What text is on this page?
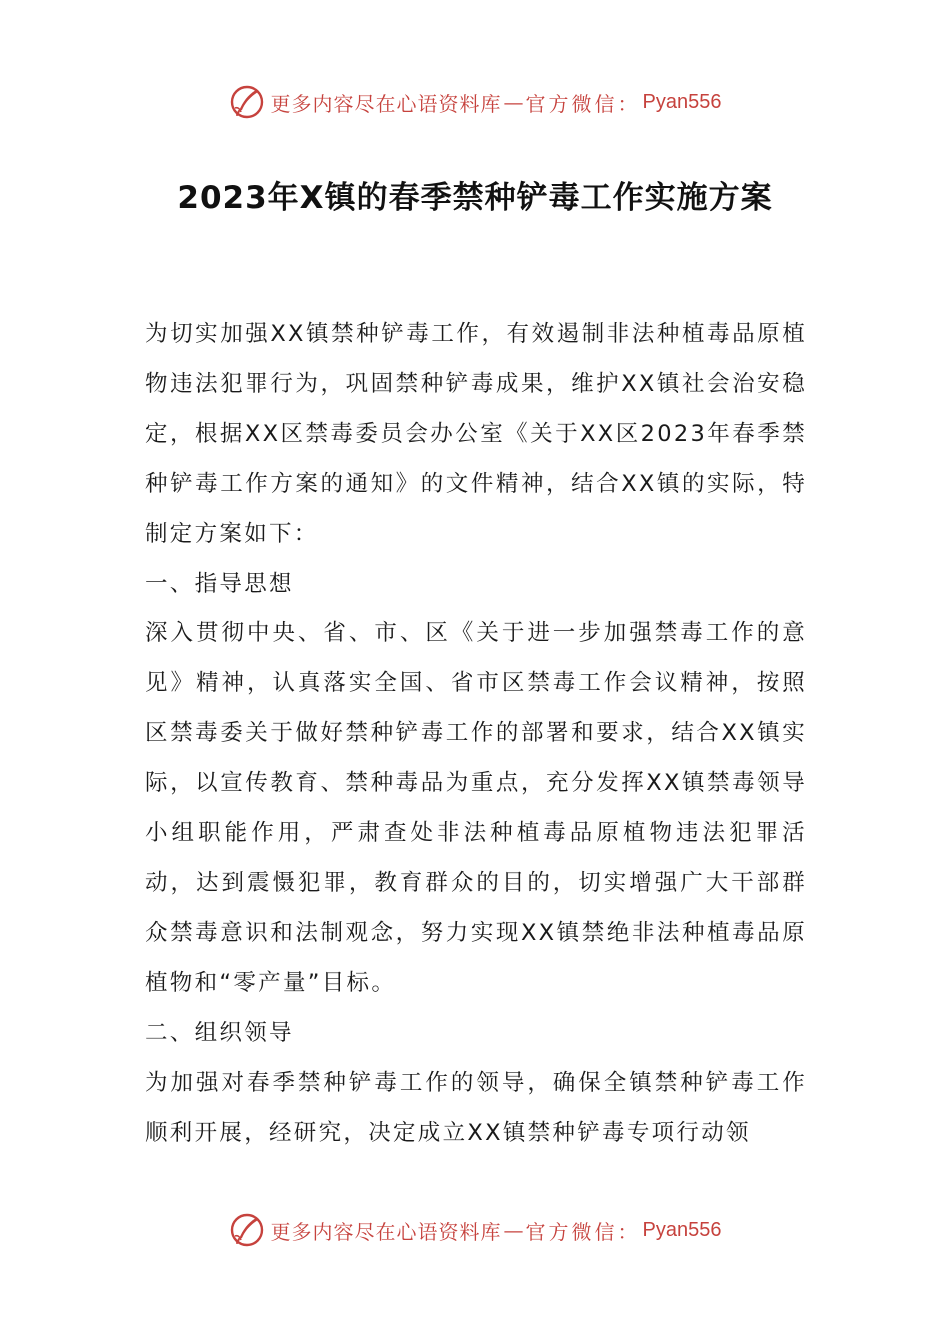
更多内容尽在心语资料库 — 官方微信： Pyan556
2023年X镇的春季禁种铲毒工作实施方案

为切实加强XX镇禁种铲毒工作，有效遏制非法种植毒品原植物违法犯罪行为，巩固禁种铲毒成果，维护XX镇社会治安稳定，根据XX区禁毒委员会办公室《关于XX区2023年春季禁种铲毒工作方案的通知》的文件精神，结合XX镇的实际，特制定方案如下：

一、指导思想

深入贯彻中央、省、市、区《关于进一步加强禁毒工作的意见》精神，认真落实全国、省市区禁毒工作会议精神，按照区禁毒委关于做好禁种铲毒工作的部署和要求，结合XX镇实际，以宣传教育、禁种毒品为重点，充分发挥XX镇禁毒领导小组职能作用，严肃查处非法种植毒品原植物违法犯罪活动，达到震慑犯罪，教育群众的目的，切实增强广大干部群众禁毒意识和法制观念，努力实现XX镇禁绝非法种植毒品原植物和“零产量”目标。

二、组织领导

为加强对春季禁种铲毒工作的领导，确保全镇禁种铲毒工作顺利开展，经研究，决定成立XX镇禁种铲毒专项行动领

更多内容尽在心语资料库 — 官方微信： Pyan556
